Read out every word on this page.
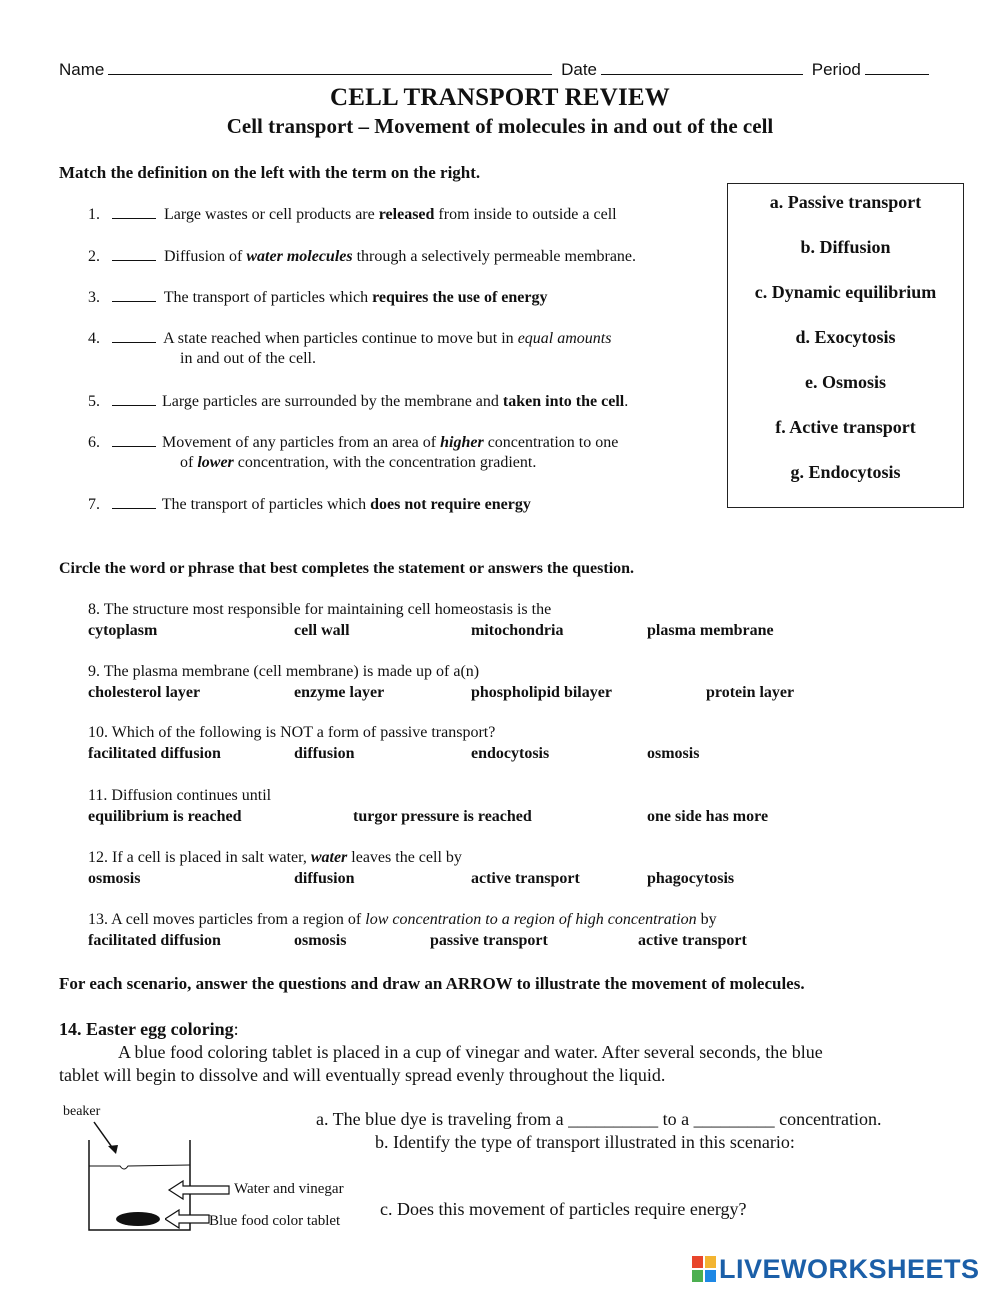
Name	Date	Period
CELL TRANSPORT REVIEW
Cell transport – Movement of molecules in and out of the cell
Match the definition on the left with the term on the right.
1.	Large wastes or cell products are released from inside to outside a cell
2.	Diffusion of water molecules through a selectively permeable membrane.
3.	The transport of particles which requires the use of energy
4.	A state reached when particles continue to move but in equal amounts
in and out of the cell.
5.	Large particles are surrounded by the membrane and taken into the cell.
6.	Movement of any particles from an area of higher concentration to one
of lower concentration, with the concentration gradient.
7.	The transport of particles which does not require energy
a. Passive transport
b. Diffusion
c. Dynamic equilibrium
d. Exocytosis
e. Osmosis
f. Active transport
g. Endocytosis
Circle the word or phrase that best completes the statement or answers the question.
8. The structure most responsible for maintaining cell homeostasis is the
cytoplasm	cell wall	mitochondria	plasma membrane
9. The plasma membrane (cell membrane) is made up of a(n)
cholesterol layer	enzyme layer	phospholipid bilayer	protein layer
10. Which of the following is NOT a form of passive transport?
facilitated diffusion	diffusion	endocytosis	osmosis
11. Diffusion continues until
equilibrium is reached	turgor pressure is reached	one side has more
12. If a cell is placed in salt water, water leaves the cell by
osmosis	diffusion	active transport	phagocytosis
13. A cell moves particles from a region of low concentration to a region of high concentration by
facilitated diffusion	osmosis	passive transport	active transport
For each scenario, answer the questions and draw an ARROW to illustrate the movement of molecules.
14. Easter egg coloring:
A blue food coloring tablet is placed in a cup of vinegar and water. After several seconds, the blue
tablet will begin to dissolve and will eventually spread evenly throughout the liquid.
a. The blue dye is traveling from a __________ to a _________ concentration.
b. Identify the type of transport illustrated in this scenario:
c. Does this movement of particles require energy?
beaker
Water and vinegar
Blue food color tablet
LIVEWORKSHEETS
